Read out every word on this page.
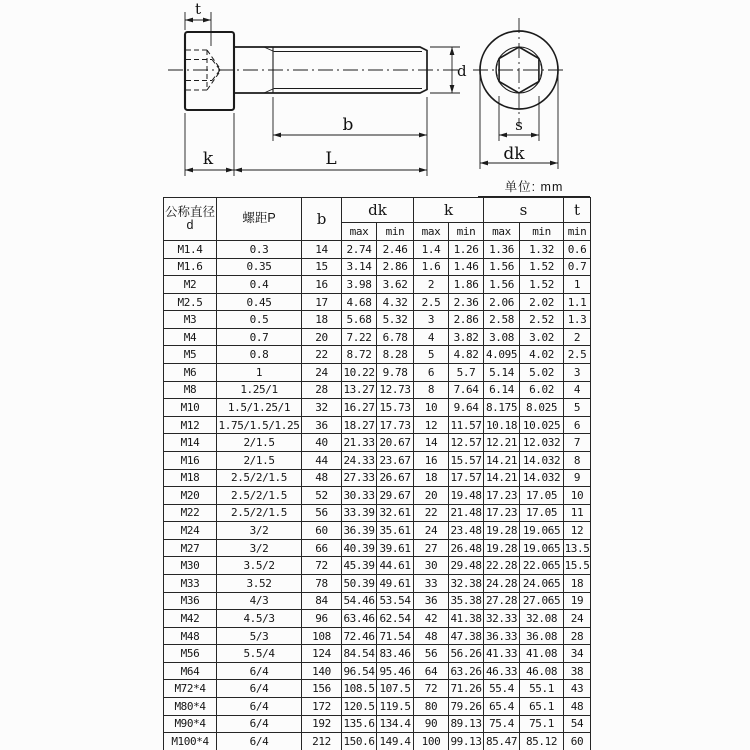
t
d
b
k	L
s
dk
单位: mm
公称直径
d	螺距P	b	dk		k		s		t
			max	min	max	min	max	min	min
M1.4	0.3	14	2.74	2.46	1.4	1.26	1.36	1.32	0.6
M1.6	0.35	15	3.14	2.86	1.6	1.46	1.56	1.52	0.7
M2	0.4	16	3.98	3.62	2	1.86	1.56	1.52	1
M2.5	0.45	17	4.68	4.32	2.5	2.36	2.06	2.02	1.1
M3	0.5	18	5.68	5.32	3	2.86	2.58	2.52	1.3
M4	0.7	20	7.22	6.78	4	3.82	3.08	3.02	2
M5	0.8	22	8.72	8.28	5	4.82	4.095	4.02	2.5
M6	1	24	10.22	9.78	6	5.7	5.14	5.02	3
M8	1.25/1	28	13.27	12.73	8	7.64	6.14	6.02	4
M10	1.5/1.25/1	32	16.27	15.73	10	9.64	8.175	8.025	5
M12	1.75/1.5/1.25	36	18.27	17.73	12	11.57	10.18	10.025	6
M14	2/1.5	40	21.33	20.67	14	12.57	12.21	12.032	7
M16	2/1.5	44	24.33	23.67	16	15.57	14.21	14.032	8
M18	2.5/2/1.5	48	27.33	26.67	18	17.57	14.21	14.032	9
M20	2.5/2/1.5	52	30.33	29.67	20	19.48	17.23	17.05	10
M22	2.5/2/1.5	56	33.39	32.61	22	21.48	17.23	17.05	11
M24	3/2	60	36.39	35.61	24	23.48	19.28	19.065	12
M27	3/2	66	40.39	39.61	27	26.48	19.28	19.065	13.5
M30	3.5/2	72	45.39	44.61	30	29.48	22.28	22.065	15.5
M33	3.52	78	50.39	49.61	33	32.38	24.28	24.065	18
M36	4/3	84	54.46	53.54	36	35.38	27.28	27.065	19
M42	4.5/3	96	63.46	62.54	42	41.38	32.33	32.08	24
M48	5/3	108	72.46	71.54	48	47.38	36.33	36.08	28
M56	5.5/4	124	84.54	83.46	56	56.26	41.33	41.08	34
M64	6/4	140	96.54	95.46	64	63.26	46.33	46.08	38
M72*4	6/4	156	108.5	107.5	72	71.26	55.4	55.1	43
M80*4	6/4	172	120.5	119.5	80	79.26	65.4	65.1	48
M90*4	6/4	192	135.6	134.4	90	89.13	75.4	75.1	54
M100*4	6/4	212	150.6	149.4	100	99.13	85.47	85.12	60
